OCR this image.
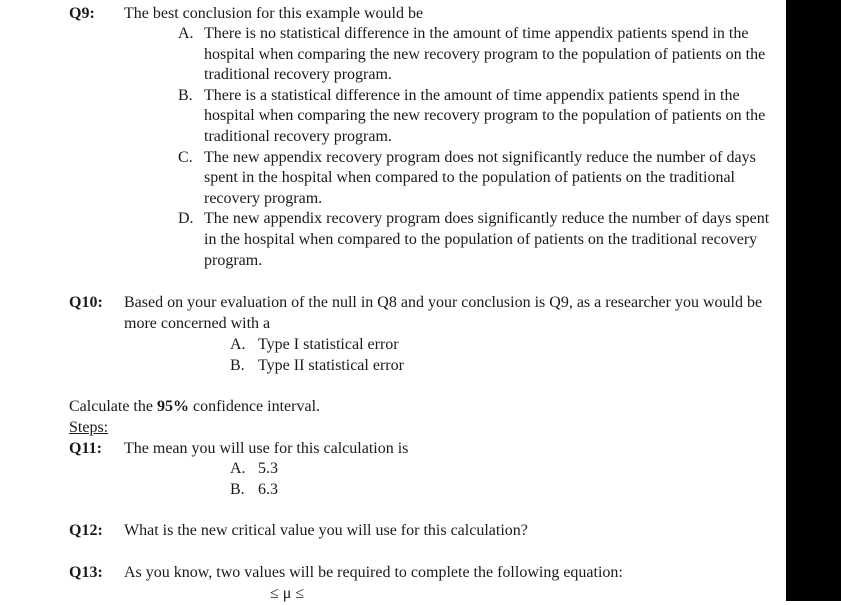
Q9: The best conclusion for this example would be
A. There is no statistical difference in the amount of time appendix patients spend in the hospital when comparing the new recovery program to the population of patients on the traditional recovery program.
B. There is a statistical difference in the amount of time appendix patients spend in the hospital when comparing the new recovery program to the population of patients on the traditional recovery program.
C. The new appendix recovery program does not significantly reduce the number of days spent in the hospital when compared to the population of patients on the traditional recovery program.
D. The new appendix recovery program does significantly reduce the number of days spent in the hospital when compared to the population of patients on the traditional recovery program.
Q10: Based on your evaluation of the null in Q8 and your conclusion is Q9, as a researcher you would be more concerned with a
A. Type I statistical error
B. Type II statistical error
Calculate the 95% confidence interval.
Steps:
Q11: The mean you will use for this calculation is
A. 5.3
B. 6.3
Q12: What is the new critical value you will use for this calculation?
Q13: As you know, two values will be required to complete the following equation:
≤ μ ≤
